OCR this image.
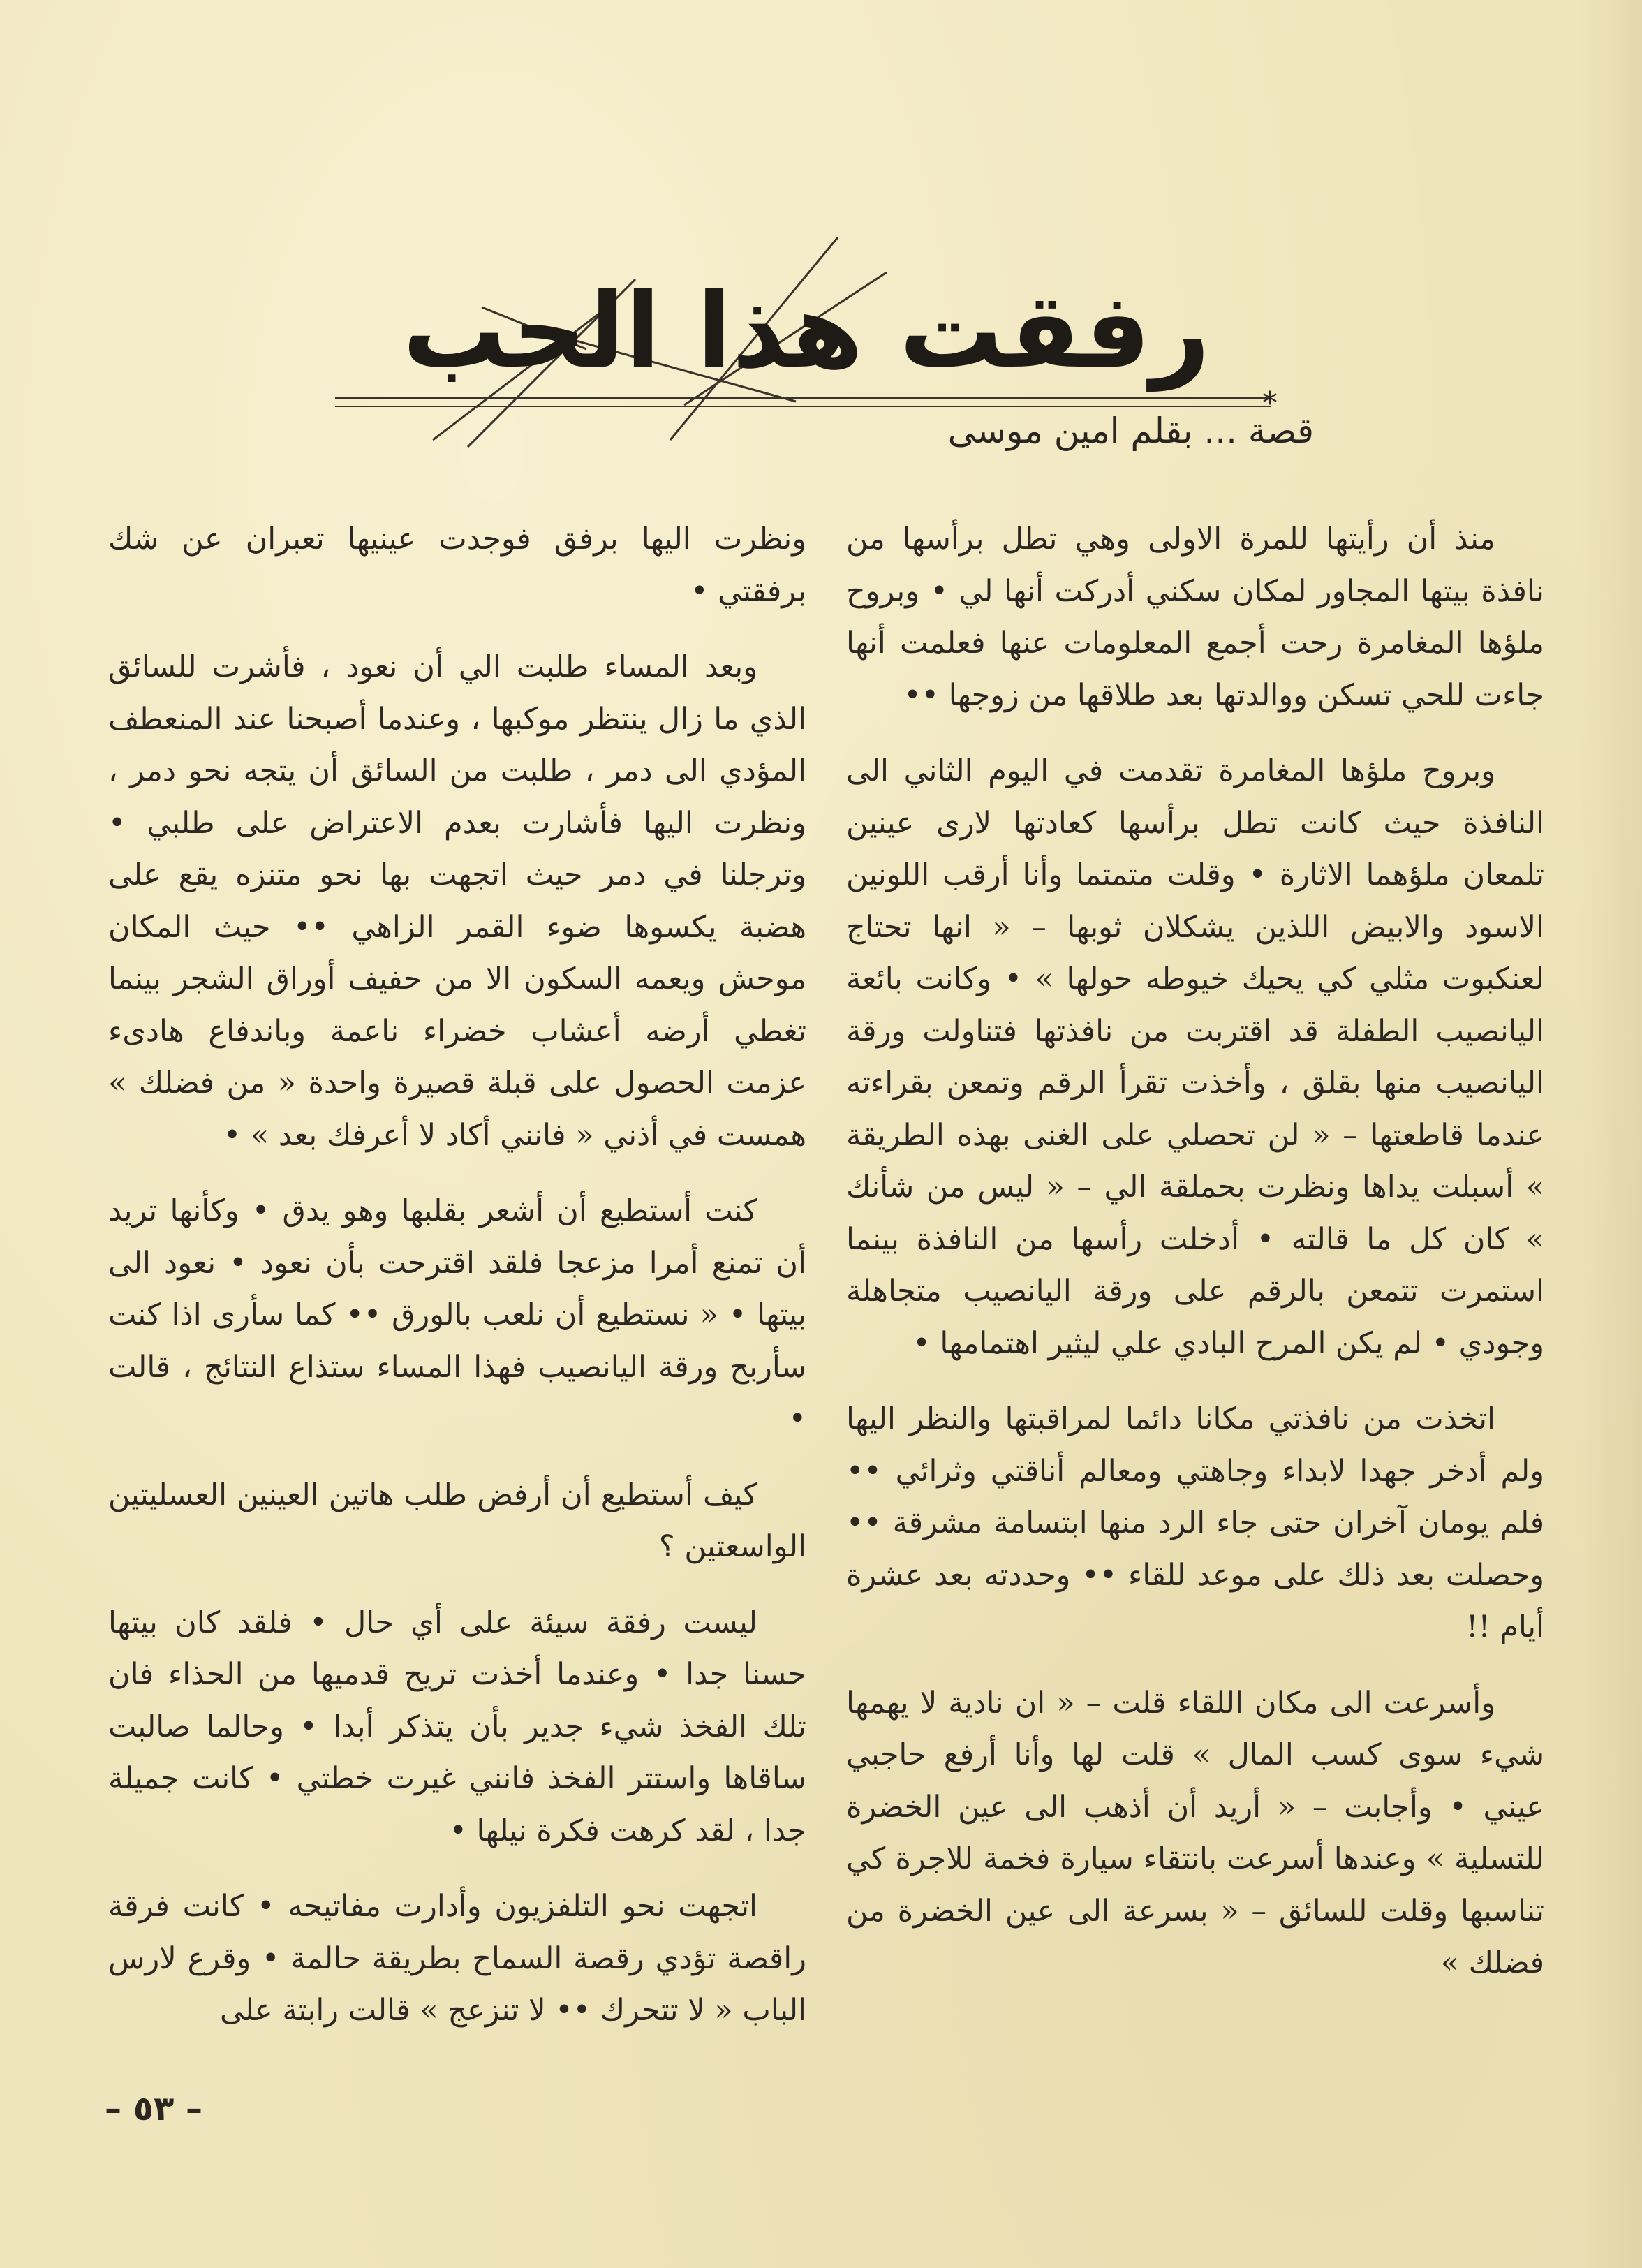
*
رفقت هذا الحب
قصة ... بقلم امين موسى

منذ أن رأيتها للمرة الاولى وهي تطل برأسها من نافذة بيتها المجاور لمكان سكني أدركت أنها لي • وبروح ملؤها المغامرة رحت أجمع المعلومات عنها فعلمت أنها جاءت للحي تسكن ووالدتها بعد طلاقها من زوجها ••

وبروح ملؤها المغامرة تقدمت في اليوم الثاني الى النافذة حيث كانت تطل برأسها كعادتها لارى عينين تلمعان ملؤهما الاثارة • وقلت متمتما وأنا أرقب اللونين الاسود والابيض اللذين يشكلان ثوبها – « انها تحتاج لعنكبوت مثلي كي يحيك خيوطه حولها » • وكانت بائعة اليانصيب الطفلة قد اقتربت من نافذتها فتناولت ورقة اليانصيب منها بقلق ، وأخذت تقرأ الرقم وتمعن بقراءته عندما قاطعتها – « لن تحصلي على الغنى بهذه الطريقة » أسبلت يداها ونظرت بحملقة الي – « ليس من شأنك » كان كل ما قالته • أدخلت رأسها من النافذة بينما استمرت تتمعن بالرقم على ورقة اليانصيب متجاهلة وجودي • لم يكن المرح البادي علي ليثير اهتمامها •

اتخذت من نافذتي مكانا دائما لمراقبتها والنظر اليها ولم أدخر جهدا لابداء وجاهتي ومعالم أناقتي وثرائي •• فلم يومان آخران حتى جاء الرد منها ابتسامة مشرقة •• وحصلت بعد ذلك على موعد للقاء •• وحددته بعد عشرة أيام !!

وأسرعت الى مكان اللقاء قلت – « ان نادية لا يهمها شيء سوى كسب المال » قلت لها وأنا أرفع حاجبي عيني • وأجابت – « أريد أن أذهب الى عين الخضرة للتسلية » وعندها أسرعت بانتقاء سيارة فخمة للاجرة كي تناسبها وقلت للسائق – « بسرعة الى عين الخضرة من فضلك »

ونظرت اليها برفق فوجدت عينيها تعبران عن شك برفقتي •

وبعد المساء طلبت الي أن نعود ، فأشرت للسائق الذي ما زال ينتظر موكبها ، وعندما أصبحنا عند المنعطف المؤدي الى دمر ، طلبت من السائق أن يتجه نحو دمر ، ونظرت اليها فأشارت بعدم الاعتراض على طلبي • وترجلنا في دمر حيث اتجهت بها نحو متنزه يقع على هضبة يكسوها ضوء القمر الزاهي •• حيث المكان موحش ويعمه السكون الا من حفيف أوراق الشجر بينما تغطي أرضه أعشاب خضراء ناعمة وباندفاع هادىء عزمت الحصول على قبلة قصيرة واحدة « من فضلك » همست في أذني « فانني أكاد لا أعرفك بعد » •

كنت أستطيع أن أشعر بقلبها وهو يدق • وكأنها تريد أن تمنع أمرا مزعجا فلقد اقترحت بأن نعود • نعود الى بيتها • « نستطيع أن نلعب بالورق •• كما سأرى اذا كنت سأربح ورقة اليانصيب فهذا المساء ستذاع النتائج ، قالت •

كيف أستطيع أن أرفض طلب هاتين العينين العسليتين الواسعتين ؟

ليست رفقة سيئة على أي حال • فلقد كان بيتها حسنا جدا • وعندما أخذت تريح قدميها من الحذاء فان تلك الفخذ شيء جدير بأن يتذكر أبدا • وحالما صالبت ساقاها واستتر الفخذ فانني غيرت خطتي • كانت جميلة جدا ، لقد كرهت فكرة نيلها •

اتجهت نحو التلفزيون وأدارت مفاتيحه • كانت فرقة راقصة تؤدي رقصة السماح بطريقة حالمة • وقرع لارس الباب « لا تتحرك •• لا تنزعج » قالت رابتة على

– ٥٣ –
